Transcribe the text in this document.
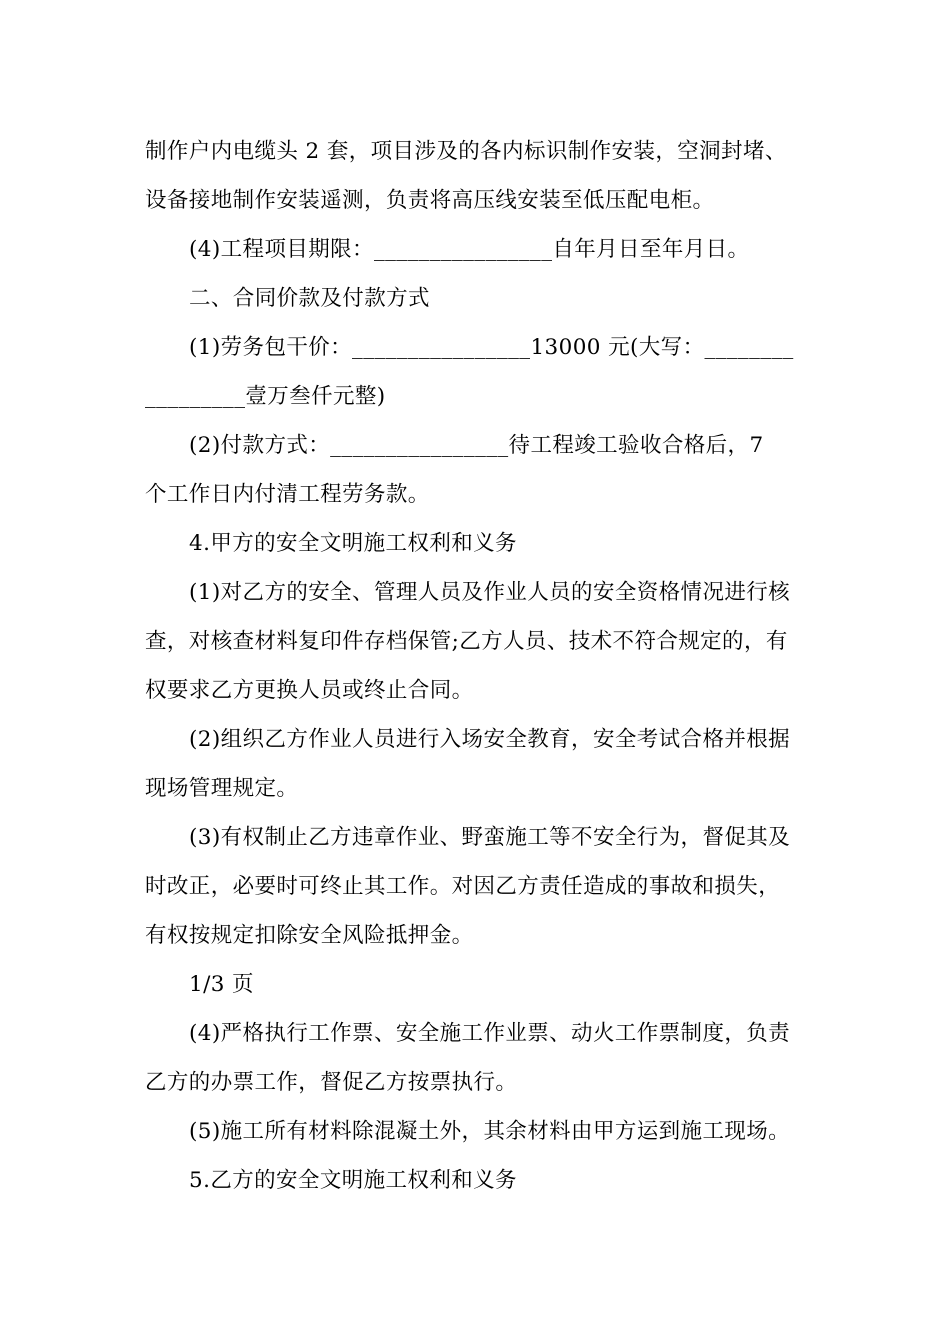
制作户内电缆头 2 套，项目涉及的各内标识制作安装，空洞封堵、
设备接地制作安装遥测，负责将高压线安装至低压配电柜。
(4)工程项目期限：________________自年月日至年月日。
二、合同价款及付款方式
(1)劳务包干价：________________13000 元(大写：________
_________壹万叁仟元整)
(2)付款方式：________________待工程竣工验收合格后，7
个工作日内付清工程劳务款。
4.甲方的安全文明施工权利和义务
(1)对乙方的安全、管理人员及作业人员的安全资格情况进行核
查，对核查材料复印件存档保管;乙方人员、技术不符合规定的，有
权要求乙方更换人员或终止合同。
(2)组织乙方作业人员进行入场安全教育，安全考试合格并根据
现场管理规定。
(3)有权制止乙方违章作业、野蛮施工等不安全行为，督促其及
时改正，必要时可终止其工作。对因乙方责任造成的事故和损失，
有权按规定扣除安全风险抵押金。
1/3 页
(4)严格执行工作票、安全施工作业票、动火工作票制度，负责
乙方的办票工作，督促乙方按票执行。
(5)施工所有材料除混凝土外，其余材料由甲方运到施工现场。
5.乙方的安全文明施工权利和义务
